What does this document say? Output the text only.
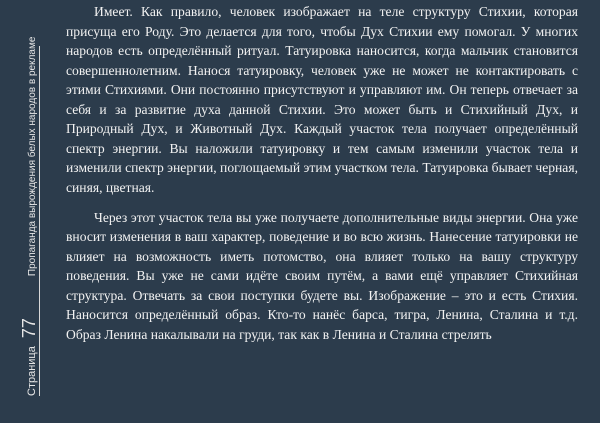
Страница
77
Пропаганда вырождения белых народов в рекламе

Имеет. Как правило, человек изображает на теле структуру Стихии, которая присуща его Роду. Это делается для того, чтобы Дух Стихии ему помогал. У многих народов есть определённый ритуал. Татуировка наносится, когда мальчик становится совершеннолетним. Нанося татуировку, человек уже не может не контактировать с этими Стихиями. Они постоянно присутствуют и управляют им. Он теперь отвечает за себя и за развитие духа данной Стихии. Это может быть и Стихийный Дух, и Природный Дух, и Животный Дух. Каждый участок тела получает определённый спектр энергии. Вы наложили татуировку и тем самым изменили участок тела и изменили спектр энергии, поглощаемый этим участком тела. Татуировка бывает черная, синяя, цветная.

Через этот участок тела вы уже получаете дополнительные виды энергии. Она уже вносит изменения в ваш характер, поведение и во всю жизнь. Нанесение татуировки не влияет на возможность иметь потомство, она влияет только на вашу структуру поведения. Вы уже не сами идёте своим путём, а вами ещё управляет Стихийная структура. Отвечать за свои поступки будете вы. Изображение – это и есть Стихия. Наносится определённый образ. Кто-то нанёс барса, тигра, Ленина, Сталина и т.д. Образ Ленина накалывали на груди, так как в Ленина и Сталина стрелять
